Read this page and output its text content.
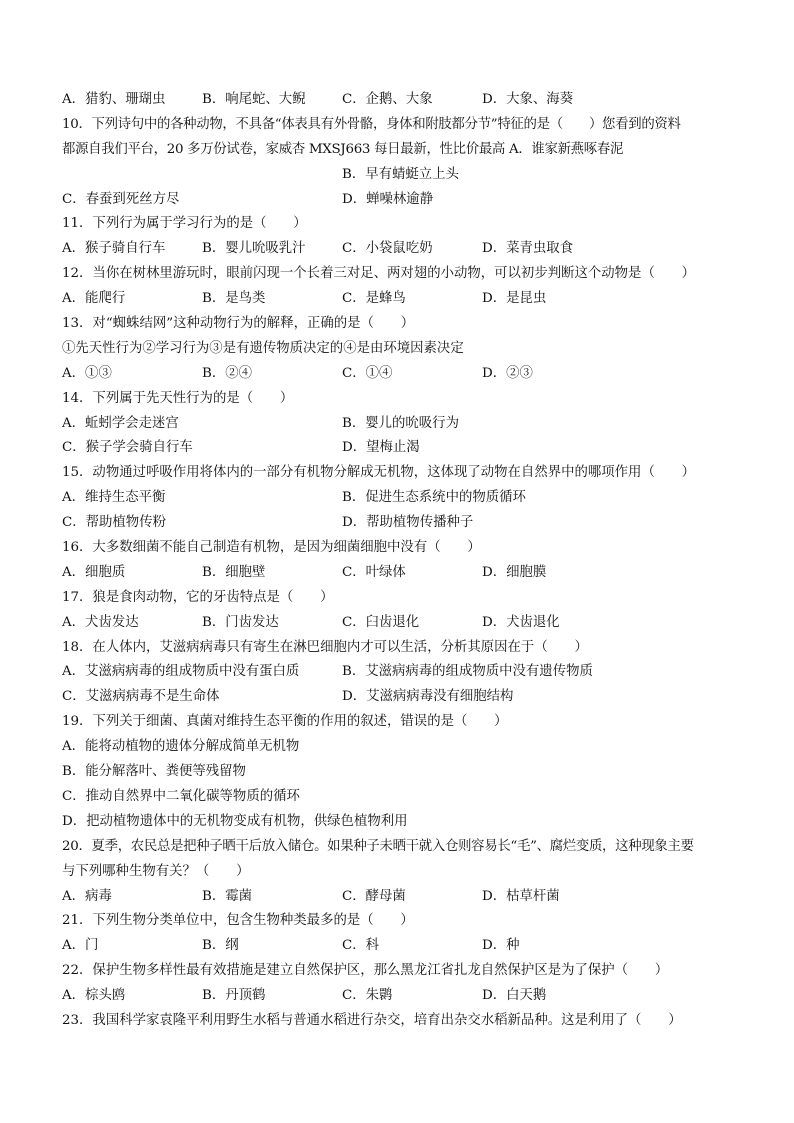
A．猎豹、珊瑚虫	B．响尾蛇、大鲵	C．企鹅、大象	D．大象、海葵
10．下列诗句中的各种动物，不具备“体表具有外骨骼，身体和附肢都分节”特征的是（　　）您看到的资料
都源自我们平台，20 多万份试卷，家威杏 MXSJ663 每日最新，性比价最高 A．谁家新燕啄春泥
B．早有蜻蜓立上头
C．春蚕到死丝方尽	D．蝉噪林逾静
11．下列行为属于学习行为的是（　　）
A．猴子骑自行车	B．婴儿吮吸乳汁	C．小袋鼠吃奶	D．菜青虫取食
12．当你在树林里游玩时，眼前闪现一个长着三对足、两对翅的小动物，可以初步判断这个动物是（　　）
A．能爬行	B．是鸟类	C．是蜂鸟	D．是昆虫
13．对“蜘蛛结网”这种动物行为的解释，正确的是（　　）
①先天性行为②学习行为③是有遗传物质决定的④是由环境因素决定
A．①③	B．②④	C．①④	D．②③
14．下列属于先天性行为的是（　　）
A．蚯蚓学会走迷宫	B．婴儿的吮吸行为
C．猴子学会骑自行车	D．望梅止渴
15．动物通过呼吸作用将体内的一部分有机物分解成无机物，这体现了动物在自然界中的哪项作用（　　）
A．维持生态平衡	B．促进生态系统中的物质循环
C．帮助植物传粉	D．帮助植物传播种子
16．大多数细菌不能自己制造有机物，是因为细菌细胞中没有（　　）
A．细胞质	B．细胞壁	C．叶绿体	D．细胞膜
17．狼是食肉动物，它的牙齿特点是（　　）
A．犬齿发达	B．门齿发达	C．臼齿退化	D．犬齿退化
18．在人体内，艾滋病病毒只有寄生在淋巴细胞内才可以生活，分析其原因在于（　　）
A．艾滋病病毒的组成物质中没有蛋白质	B．艾滋病病毒的组成物质中没有遗传物质
C．艾滋病病毒不是生命体	D．艾滋病病毒没有细胞结构
19．下列关于细菌、真菌对维持生态平衡的作用的叙述，错误的是（　　）
A．能将动植物的遗体分解成简单无机物
B．能分解落叶、粪便等残留物
C．推动自然界中二氧化碳等物质的循环
D．把动植物遗体中的无机物变成有机物，供绿色植物利用
20．夏季，农民总是把种子晒干后放入储仓。如果种子未晒干就入仓则容易长“毛”、腐烂变质，这种现象主要
与下列哪种生物有关？（　　）
A．病毒	B．霉菌	C．酵母菌	D．枯草杆菌
21．下列生物分类单位中，包含生物种类最多的是（　　）
A．门	B．纲	C．科	D．种
22．保护生物多样性最有效措施是建立自然保护区，那么黑龙江省扎龙自然保护区是为了保护（　　）
A．棕头鸥	B．丹顶鹤	C．朱鹮	D．白天鹅
23．我国科学家袁隆平利用野生水稻与普通水稻进行杂交，培育出杂交水稻新品种。这是利用了（　　）
